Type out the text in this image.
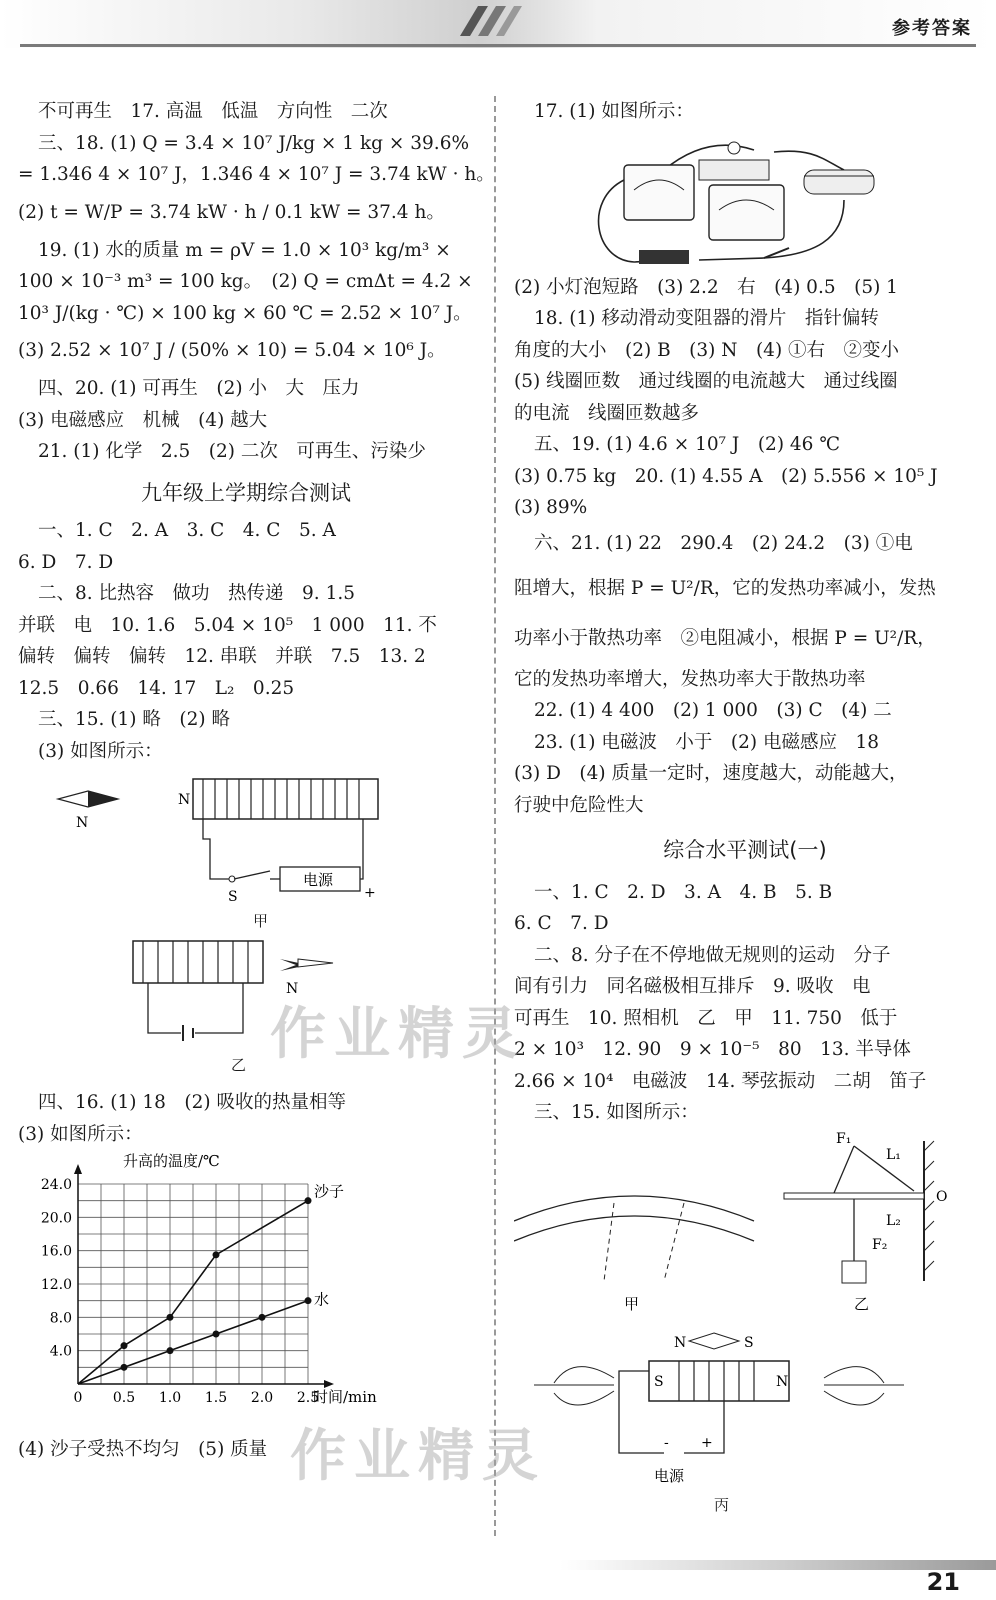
参考答案

不可再生　17. 高温　低温　方向性　二次

三、18. (1) Q = 3.4 × 10⁷ J/kg × 1 kg × 39.6%

= 1.346 4 × 10⁷ J，1.346 4 × 10⁷ J = 3.74 kW · h。

(2) t = W/P = 3.74 kW · h / 0.1 kW = 37.4 h。

19. (1) 水的质量 m = ρV = 1.0 × 10³ kg/m³ ×

100 × 10⁻³ m³ = 100 kg。　(2) Q = cmΔt = 4.2 ×

10³ J/(kg · ℃) × 100 kg × 60 ℃ = 2.52 × 10⁷ J。

(3) 2.52 × 10⁷ J / (50% × 10) = 5.04 × 10⁶ J。

四、20. (1) 可再生　(2) 小　大　压力

(3) 电磁感应　机械　(4) 越大

21. (1) 化学　2.5　(2) 二次　可再生、污染少

九年级上学期综合测试

一、1. C　2. A　3. C　4. C　5. A

6. D　7. D

二、8. 比热容　做功　热传递　9. 1.5

并联　电　10. 1.6　5.04 × 10⁵　1 000　11. 不

偏转　偏转　偏转　12. 串联　并联　7.5　13. 2

12.5　0.66　14. 17　L₂　0.25

三、15. (1) 略　(2) 略

(3) 如图所示：

N
N
S
电源
+
甲
N
乙

四、16. (1) 18　(2) 吸收的热量相等

(3) 如图所示：

升高的温度/℃
时间/min
0 0.5 1.0 1.5 2.0 2.5
4.0
8.0
12.0
16.0
20.0
24.0	沙子
水

(4) 沙子受热不均匀　(5) 质量

17. (1) 如图所示：

(2) 小灯泡短路　(3) 2.2　右　(4) 0.5　(5) 1

18. (1) 移动滑动变阻器的滑片　指针偏转

角度的大小　(2) B　(3) N　(4) ①右　②变小

(5) 线圈匝数　通过线圈的电流越大　通过线圈

的电流　线圈匝数越多

五、19. (1) 4.6 × 10⁷ J　(2) 46 ℃

(3) 0.75 kg　20. (1) 4.55 A　(2) 5.556 × 10⁵ J

(3) 89%

六、21. (1) 22　290.4　(2) 24.2　(3) ①电

阻增大，根据 P = U²/R，它的发热功率减小，发热

功率小于散热功率　②电阻减小，根据 P = U²/R，

它的发热功率增大，发热功率大于散热功率

22. (1) 4 400　(2) 1 000　(3) C　(4) 二

23. (1) 电磁波　小于　(2) 电磁感应　18

(3) D　(4) 质量一定时，速度越大，动能越大，

行驶中危险性大

综合水平测试(一)

一、1. C　2. D　3. A　4. B　5. B

6. C　7. D

二、8. 分子在不停地做无规则的运动　分子

间有引力　同名磁极相互排斥　9. 吸收　电

可再生　10. 照相机　乙　甲　11. 750　低于

2 × 10³　12. 90　9 × 10⁻⁵　80　13. 半导体

2.66 × 10⁴　电磁波　14. 琴弦振动　二胡　笛子

三、15. 如图所示：

甲
F₁
L₁
O
L₂
F₂
乙
N	S
S	N
- +
电源
丙
作业精灵
作业精灵
21
